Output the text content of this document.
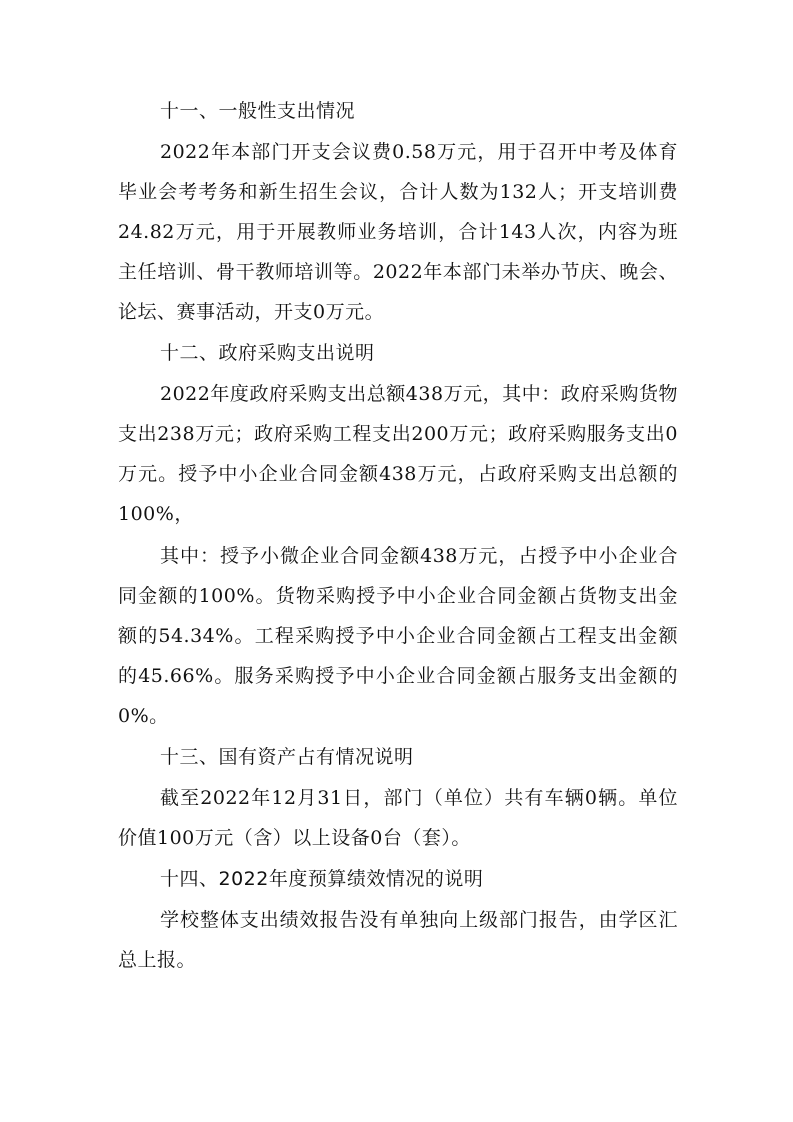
十一、一般性支出情况
2022年本部门开支会议费0.58万元，用于召开中考及体育毕业会考考务和新生招生会议，合计人数为132人；开支培训费24.82万元，用于开展教师业务培训，合计143人次，内容为班主任培训、骨干教师培训等。2022年本部门未举办节庆、晚会、论坛、赛事活动，开支0万元。
十二、政府采购支出说明
2022年度政府采购支出总额438万元，其中：政府采购货物支出238万元；政府采购工程支出200万元；政府采购服务支出0万元。授予中小企业合同金额438万元，占政府采购支出总额的100%，
其中：授予小微企业合同金额438万元，占授予中小企业合同金额的100%。货物采购授予中小企业合同金额占货物支出金额的54.34%。工程采购授予中小企业合同金额占工程支出金额的45.66%。服务采购授予中小企业合同金额占服务支出金额的0%。
十三、国有资产占有情况说明
截至2022年12月31日，部门（单位）共有车辆0辆。单位价值100万元（含）以上设备0台（套）。
十四、2022年度预算绩效情况的说明
学校整体支出绩效报告没有单独向上级部门报告，由学区汇总上报。
